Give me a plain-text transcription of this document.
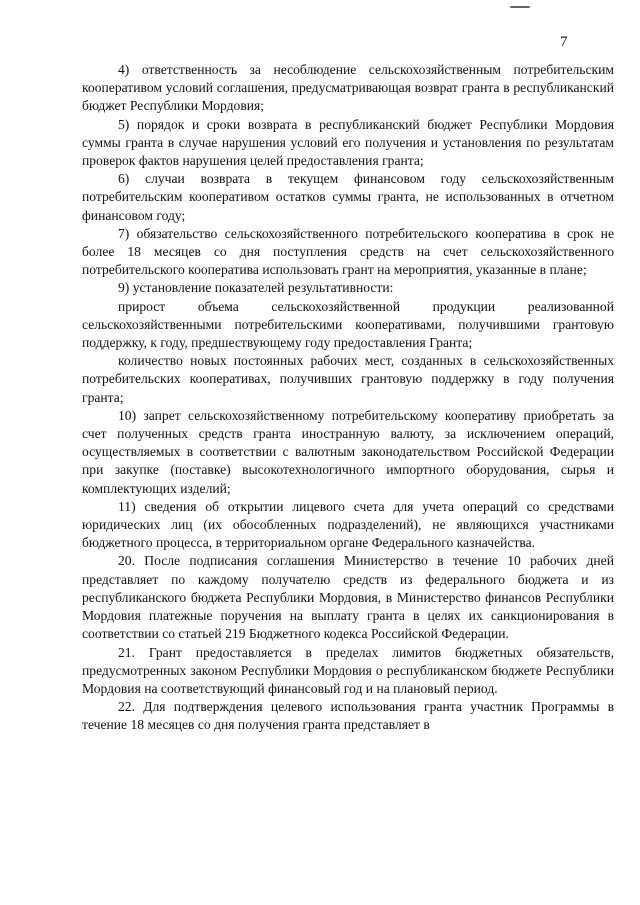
7

4) ответственность за несоблюдение сельскохозяйственным потребительским кооперативом условий соглашения, предусматривающая возврат гранта в республиканский бюджет Республики Мордовия;

5) порядок и сроки возврата в республиканский бюджет Республики Мордовия суммы гранта в случае нарушения условий его получения и установления по результатам проверок фактов нарушения целей предоставления гранта;

6) случаи возврата в текущем финансовом году сельскохозяйственным потребительским кооперативом остатков суммы гранта, не использованных в отчетном финансовом году;

7) обязательство сельскохозяйственного потребительского кооператива в срок не более 18 месяцев со дня поступления средств на счет сельскохозяйственного потребительского кооператива использовать грант на мероприятия, указанные в плане;

9) установление показателей результативности:

прирост объема сельскохозяйственной продукции реализованной сельскохозяйственными потребительскими кооперативами, получившими грантовую поддержку, к году, предшествующему году предоставления Гранта;

количество новых постоянных рабочих мест, созданных в сельскохозяйственных потребительских кооперативах, получивших грантовую поддержку в году получения гранта;

10) запрет сельскохозяйственному потребительскому кооперативу приобретать за счет полученных средств гранта иностранную валюту, за исключением операций, осуществляемых в соответствии с валютным законодательством Российской Федерации при закупке (поставке) высокотехнологичного импортного оборудования, сырья и комплектующих изделий;

11) сведения об открытии лицевого счета для учета операций со средствами юридических лиц (их обособленных подразделений), не являющихся участниками бюджетного процесса, в территориальном органе Федерального казначейства.

20. После подписания соглашения Министерство в течение 10 рабочих дней представляет по каждому получателю средств из федерального бюджета и из республиканского бюджета Республики Мордовия, в Министерство финансов Республики Мордовия платежные поручения на выплату гранта в целях их санкционирования в соответствии со статьей 219 Бюджетного кодекса Российской Федерации.

21. Грант предоставляется в пределах лимитов бюджетных обязательств, предусмотренных законом Республики Мордовия о республиканском бюджете Республики Мордовия на соответствующий финансовый год и на плановый период.

22. Для подтверждения целевого использования гранта участник Программы в течение 18 месяцев со дня получения гранта представляет в
